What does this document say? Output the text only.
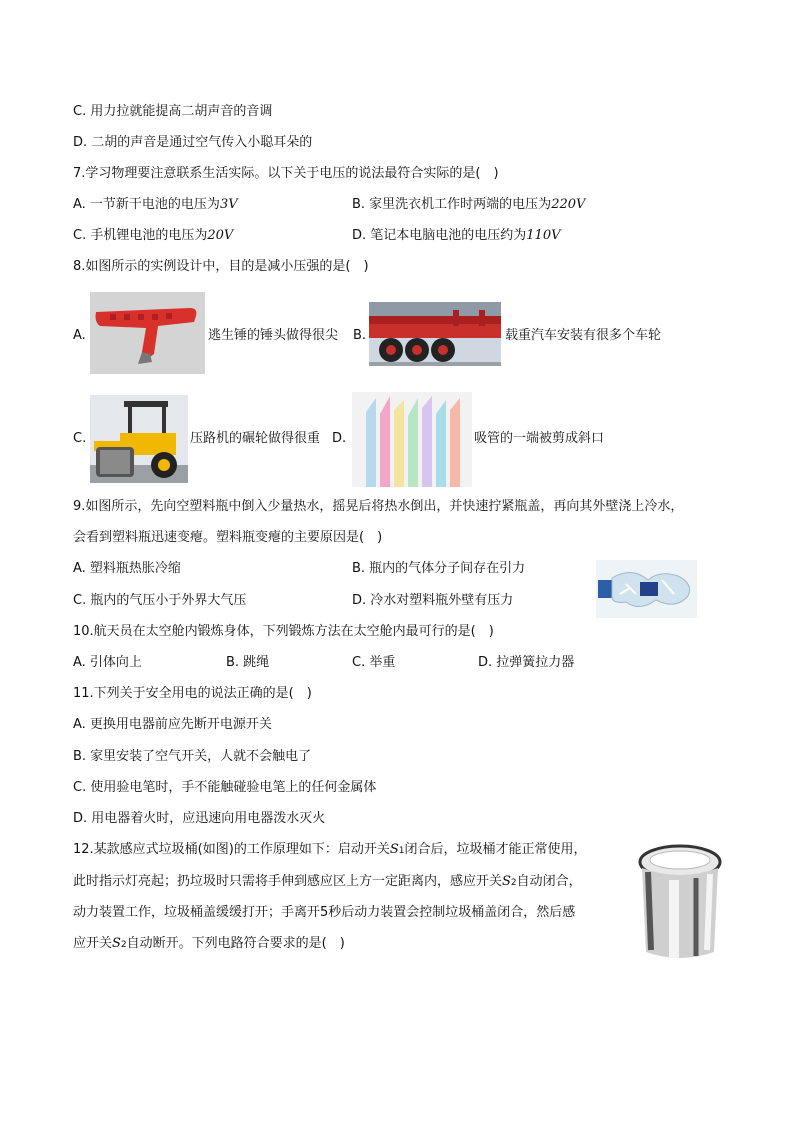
C. 用力拉就能提高二胡声音的音调
D. 二胡的声音是通过空气传入小聪耳朵的
7.学习物理要注意联系生活实际。以下关于电压的说法最符合实际的是(　)
A. 一节新干电池的电压为3V	B. 家里洗衣机工作时两端的电压为220V
C. 手机锂电池的电压为20V	D. 笔记本电脑电池的电压约为110V
8.如图所示的实例设计中，目的是减小压强的是(　)
A.	逃生锤的锤头做得很尖 B.	载重汽车安装有很多个车轮
C.	压路机的碾轮做得很重 D.	吸管的一端被剪成斜口
9.如图所示，先向空塑料瓶中倒入少量热水，摇晃后将热水倒出，并快速拧紧瓶盖，再向其外壁浇上冷水，
会看到塑料瓶迅速变瘪。塑料瓶变瘪的主要原因是(　)
A. 塑料瓶热胀冷缩	B. 瓶内的气体分子间存在引力
C. 瓶内的气压小于外界大气压	D. 冷水对塑料瓶外壁有压力
10.航天员在太空舱内锻炼身体，下列锻炼方法在太空舱内最可行的是(　)
A. 引体向上	B. 跳绳	C. 举重	D. 拉弹簧拉力器
11.下列关于安全用电的说法正确的是(　)
A. 更换用电器前应先断开电源开关
B. 家里安装了空气开关，人就不会触电了
C. 使用验电笔时，手不能触碰验电笔上的任何金属体
D. 用电器着火时，应迅速向用电器泼水灭火
12.某款感应式垃圾桶(如图)的工作原理如下：启动开关S1闭合后，垃圾桶才能正常使用，
此时指示灯亮起；扔垃圾时只需将手伸到感应区上方一定距离内，感应开关S2自动闭合，
动力装置工作，垃圾桶盖缓缓打开；手离开5秒后动力装置会控制垃圾桶盖闭合，然后感
应开关S2自动断开。下列电路符合要求的是(　)
